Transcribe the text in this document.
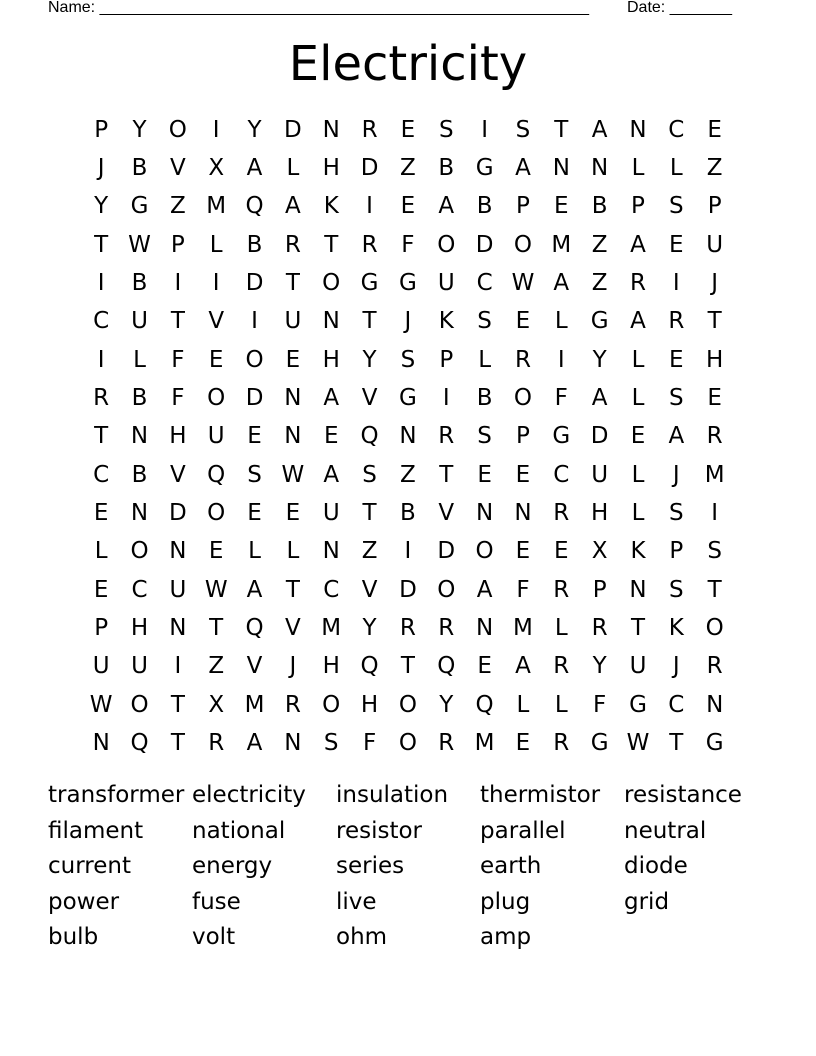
Name: _______________________________________________________ Date: _______
Electricity
P	Y O	I	Y D N R	E	S	I	S	T	A N C	E
J	B V X A	L	H D Z B G A N N	L	L	Z
Y G Z M Q A K	I	E	A B	P	E	B	P	S	P
T W P	L	B R	T	R	F O D O M Z A	E U
I	B	I	I	D T O G G U C W A Z R	I	J
C U T	V	I	U N T	J	K	S	E	L	G A R	T
I	L	F	E O E H Y	S	P	L	R	I	Y	L	E H
R B	F O D N A V G	I	B O F	A	L	S	E
T N H U E N E Q N R	S	P G D E	A R
C B V Q S W A	S	Z	T	E	E	C U	L	J	M
E N D O E	E U T	B V N N R H	L	S	I
L O N E	L	L	N Z	I	D O E	E	X K	P	S
E	C U W A	T	C V D O A	F	R	P N S	T
P H N T Q V M Y	R R N M L	R	T	K O
U U	I	Z V	J	H Q T Q E	A R	Y U	J	R
W O T	X M R O H O Y Q L	L	F G C N
N Q T	R A N S	F O R M E	R G W T G
transformer electricity	insulation	thermistor	resistance
filament	national	resistor	parallel	neutral
current	energy	series	earth	diode
power	fuse	live	plug	grid
bulb	volt	ohm	amp
